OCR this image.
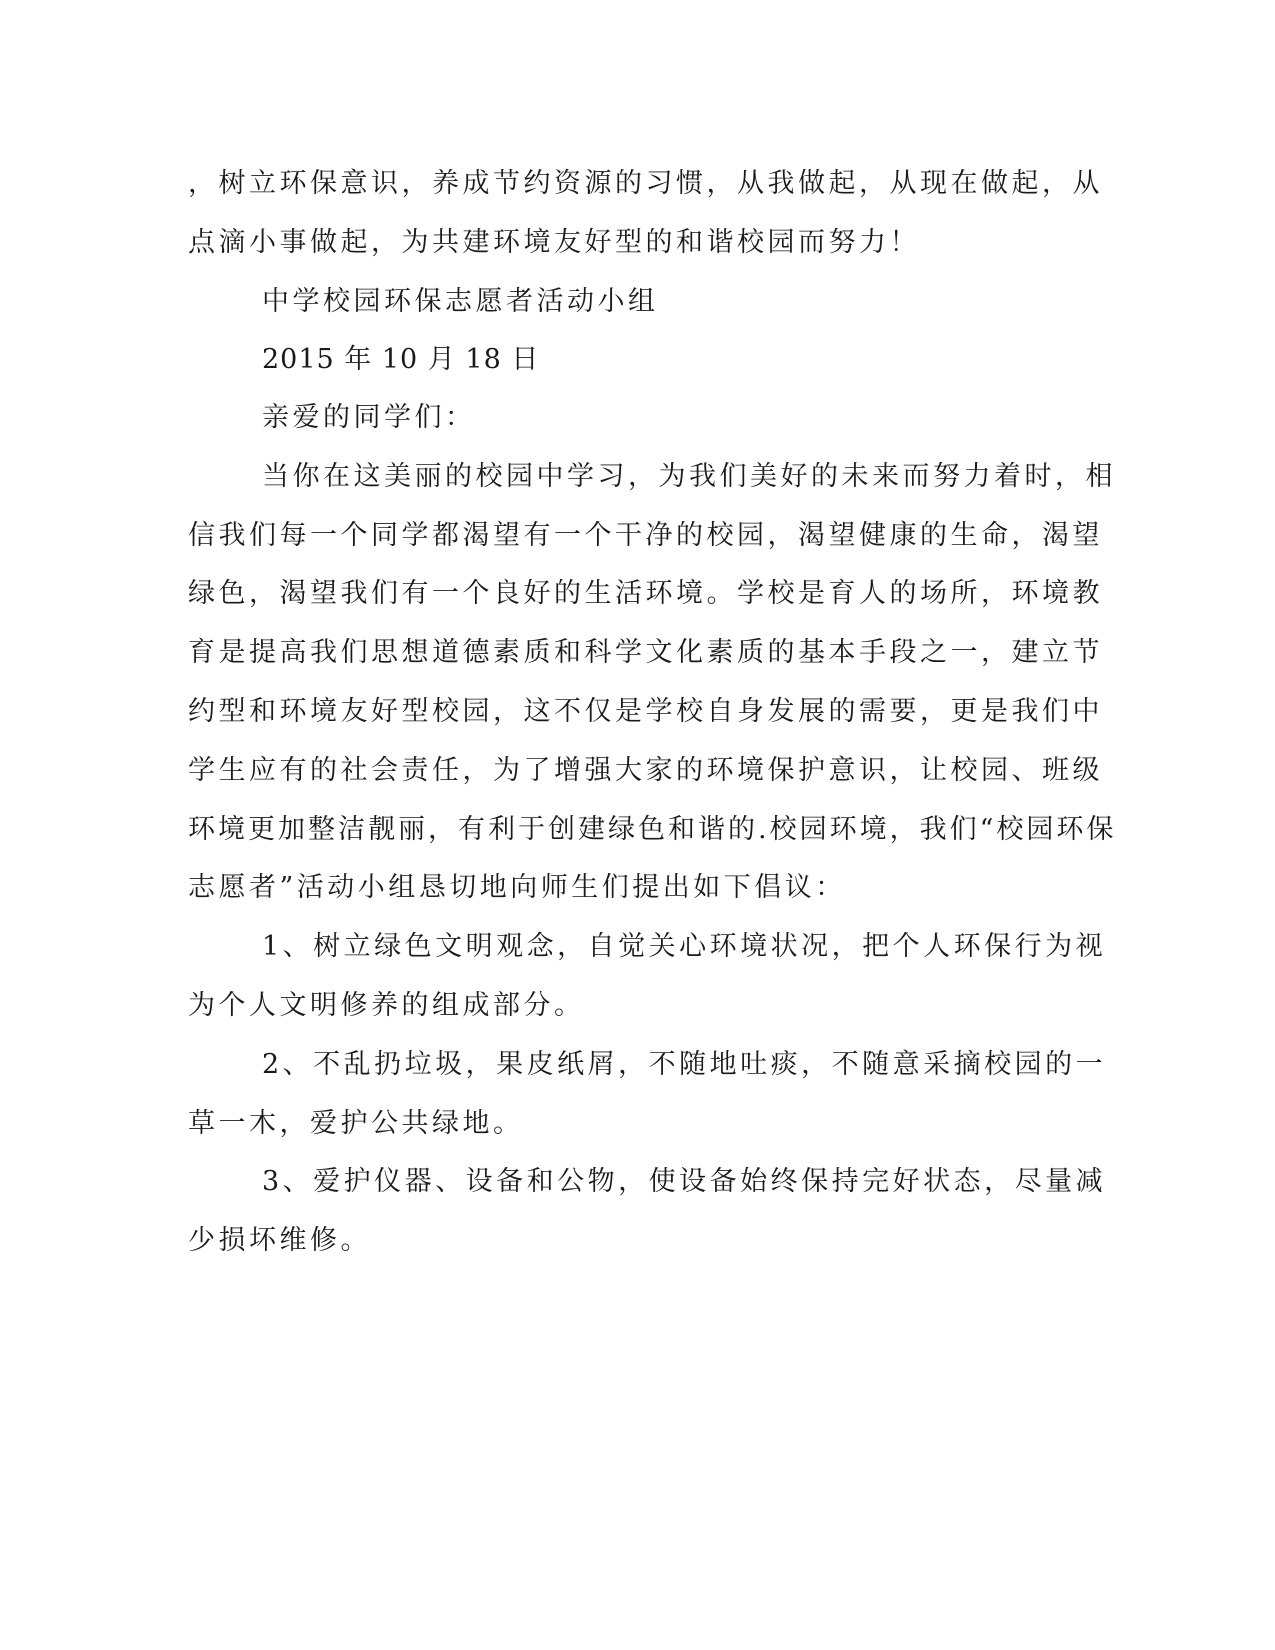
，树立环保意识，养成节约资源的习惯，从我做起，从现在做起，从
点滴小事做起，为共建环境友好型的和谐校园而努力！
中学校园环保志愿者活动小组
2015 年 10 月 18 日
亲爱的同学们：
当你在这美丽的校园中学习，为我们美好的未来而努力着时，相
信我们每一个同学都渴望有一个干净的校园，渴望健康的生命，渴望
绿色，渴望我们有一个良好的生活环境。学校是育人的场所，环境教
育是提高我们思想道德素质和科学文化素质的基本手段之一，建立节
约型和环境友好型校园，这不仅是学校自身发展的需要，更是我们中
学生应有的社会责任，为了增强大家的环境保护意识，让校园、班级
环境更加整洁靓丽，有利于创建绿色和谐的.校园环境，我们“校园环保
志愿者”活动小组恳切地向师生们提出如下倡议：
1、树立绿色文明观念，自觉关心环境状况，把个人环保行为视
为个人文明修养的组成部分。
2、不乱扔垃圾，果皮纸屑，不随地吐痰，不随意采摘校园的一
草一木，爱护公共绿地。
3、爱护仪器、设备和公物，使设备始终保持完好状态，尽量减
少损坏维修。
